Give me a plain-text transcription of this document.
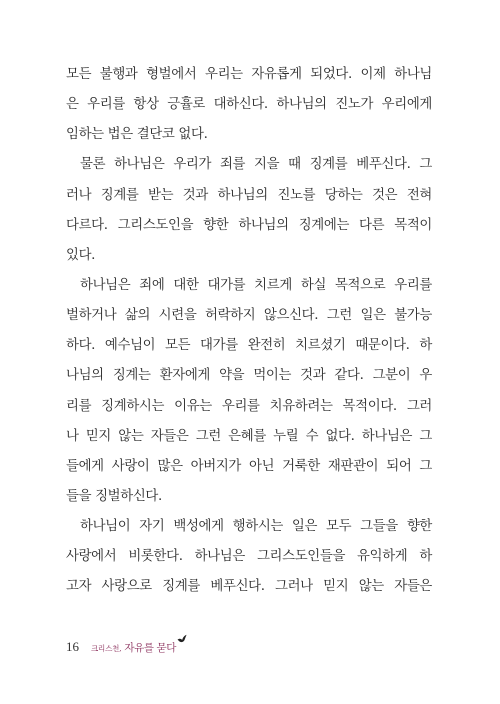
모든 불행과 형벌에서 우리는 자유롭게 되었다. 이제 하나님
은 우리를 항상 긍휼로 대하신다. 하나님의 진노가 우리에게
임하는 법은 결단코 없다.
물론 하나님은 우리가 죄를 지을 때 징계를 베푸신다. 그
러나 징계를 받는 것과 하나님의 진노를 당하는 것은 전혀
다르다. 그리스도인을 향한 하나님의 징계에는 다른 목적이
있다.
하나님은 죄에 대한 대가를 치르게 하실 목적으로 우리를
벌하거나 삶의 시련을 허락하지 않으신다. 그런 일은 불가능
하다. 예수님이 모든 대가를 완전히 치르셨기 때문이다. 하
나님의 징계는 환자에게 약을 먹이는 것과 같다. 그분이 우
리를 징계하시는 이유는 우리를 치유하려는 목적이다. 그러
나 믿지 않는 자들은 그런 은혜를 누릴 수 없다. 하나님은 그
들에게 사랑이 많은 아버지가 아닌 거룩한 재판관이 되어 그
들을 징벌하신다.
하나님이 자기 백성에게 행하시는 일은 모두 그들을 향한
사랑에서 비롯한다. 하나님은 그리스도인들을 유익하게 하
고자 사랑으로 징계를 베푸신다. 그러나 믿지 않는 자들은
16 크리스천, 자유를 묻다
